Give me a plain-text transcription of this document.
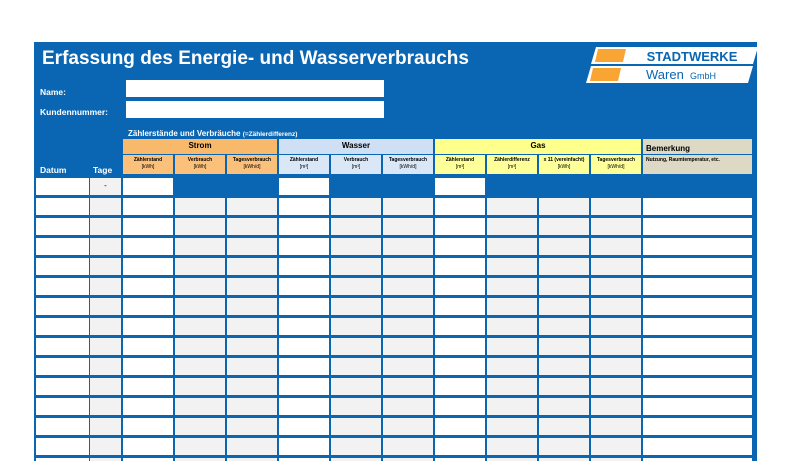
Erfassung des Energie- und Wasserverbrauchs	STADTWERKE
Waren GmbH
Name:
Kundennummer:
Zählerstände und Verbräuche (=Zählerdifferenz)
Datum	Tage
Strom
Zählerstand
[kWh]
Verbrauch
[kWh]
Tagesverbrauch
[kWh/d]
Wasser
Zählerstand
[m³]
Verbrauch
[m³]
Tagesverbrauch
[kWh/d]
Gas
Zählerstand
[m³]
Zählerdifferenz
[m³]
x 11 (vereinfacht)
[kWh]
Tagesverbrauch
[kWh/d]
Bemerkung
Nutzung, Raumtemperatur, etc.
-
